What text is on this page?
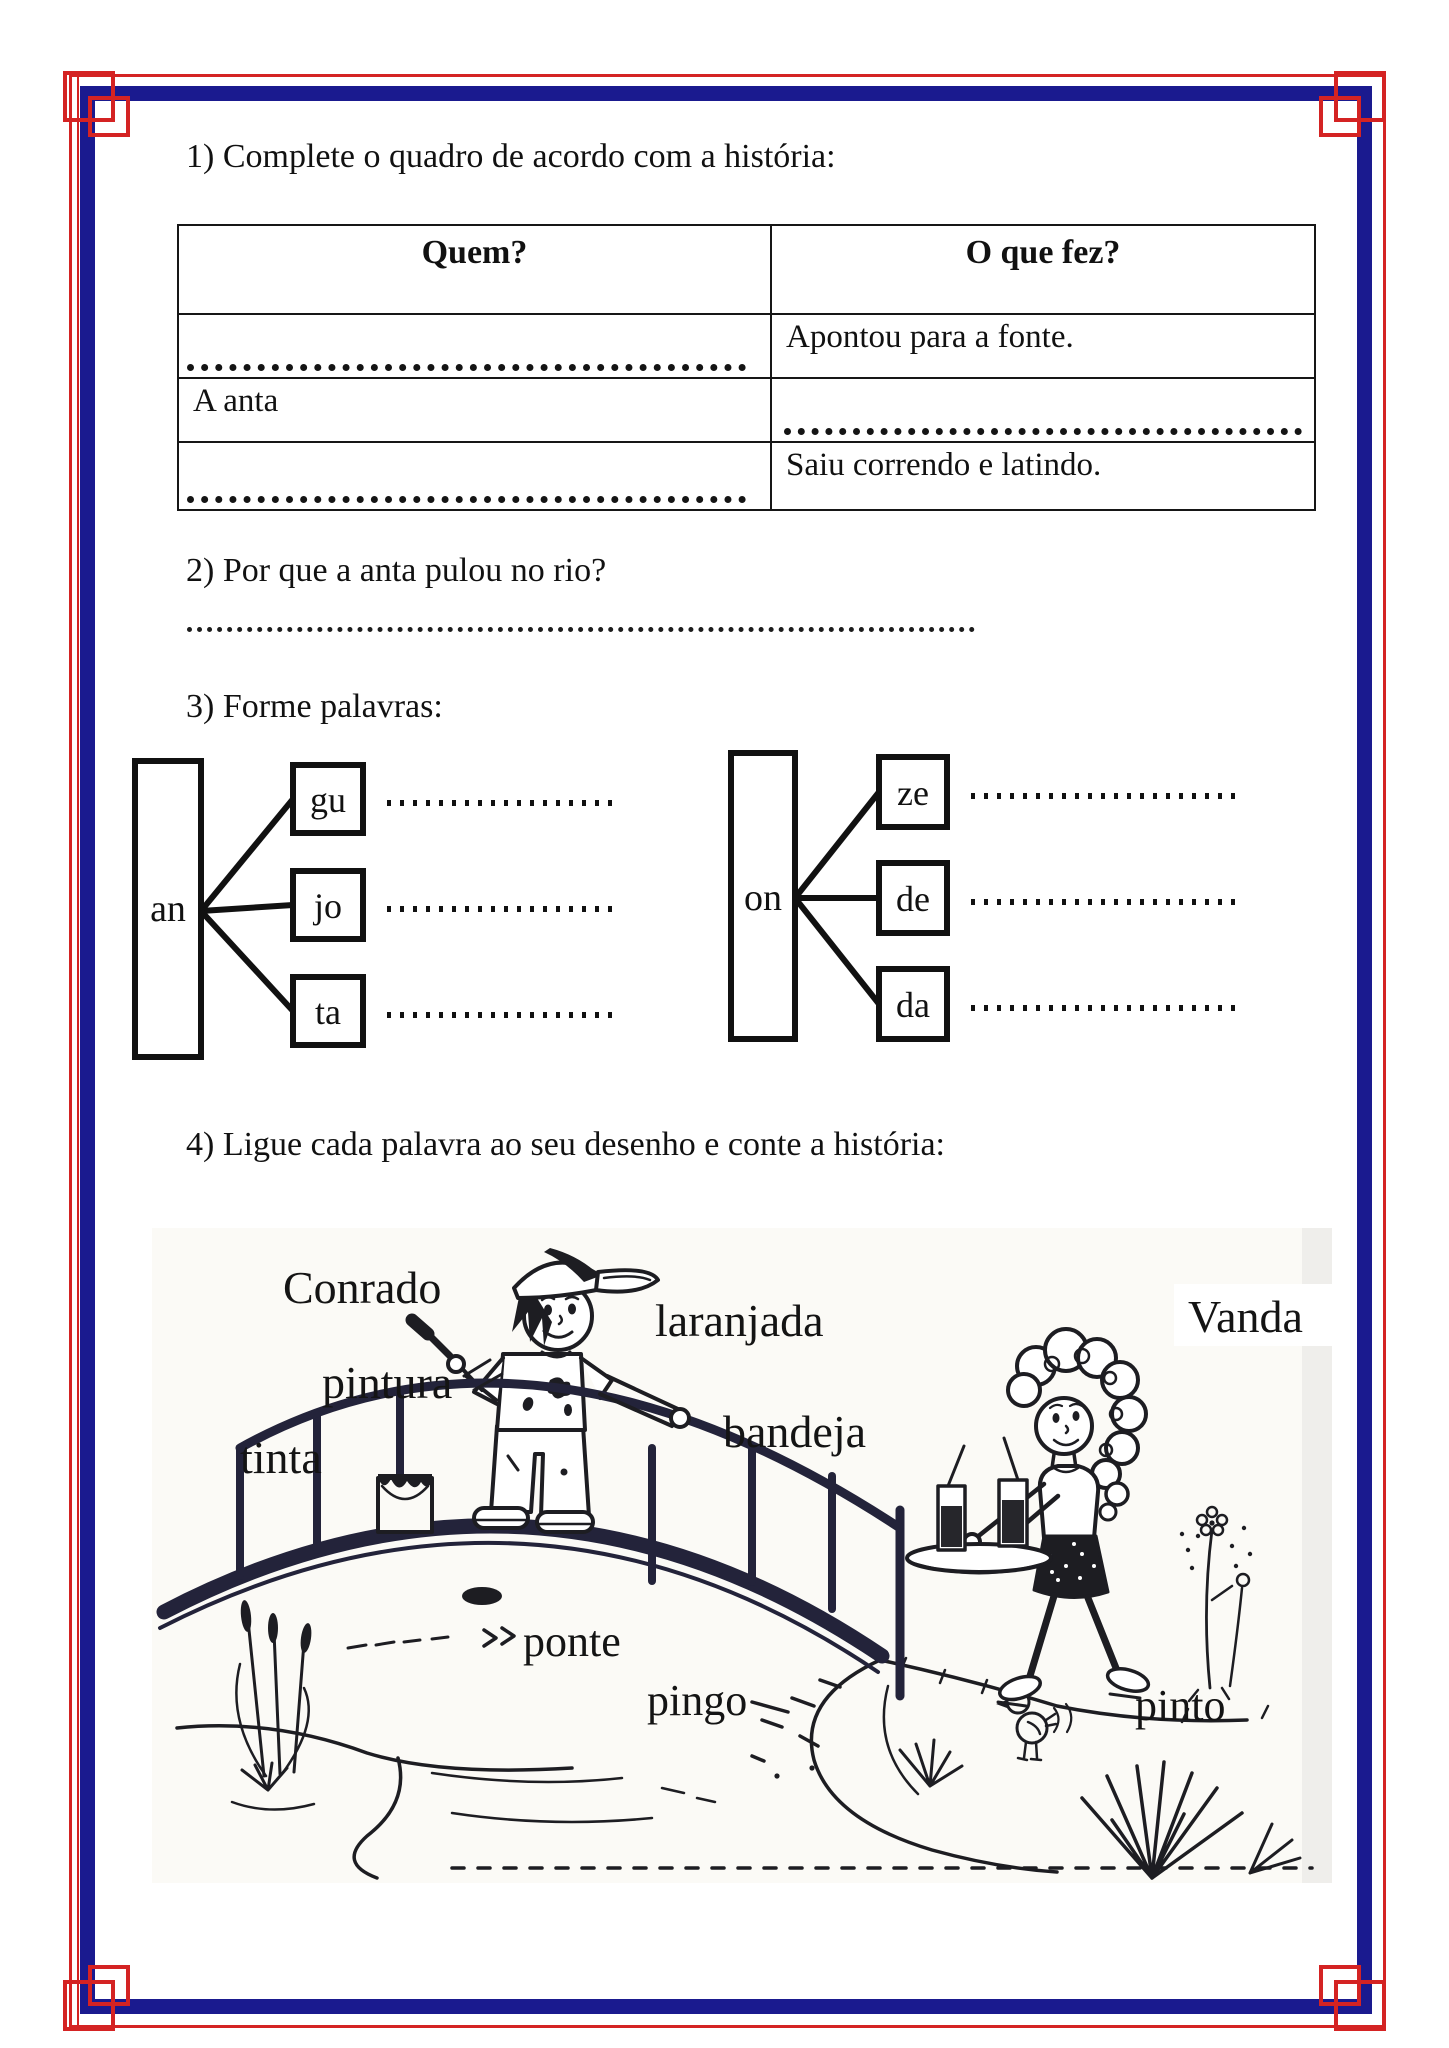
1) Complete o quadro de acordo com a história:
Quem?	O que fez?
Apontou para a fonte.
A anta
Saiu correndo e latindo.
2) Por que a anta pulou no rio?
3) Forme palavras:
an
gu
jo
ta
on
ze
de
da
4) Ligue cada palavra ao seu desenho e conte a história:
Conrado
pintura
tinta
laranjada
bandeja
Vanda
ponte
pingo	pinto
